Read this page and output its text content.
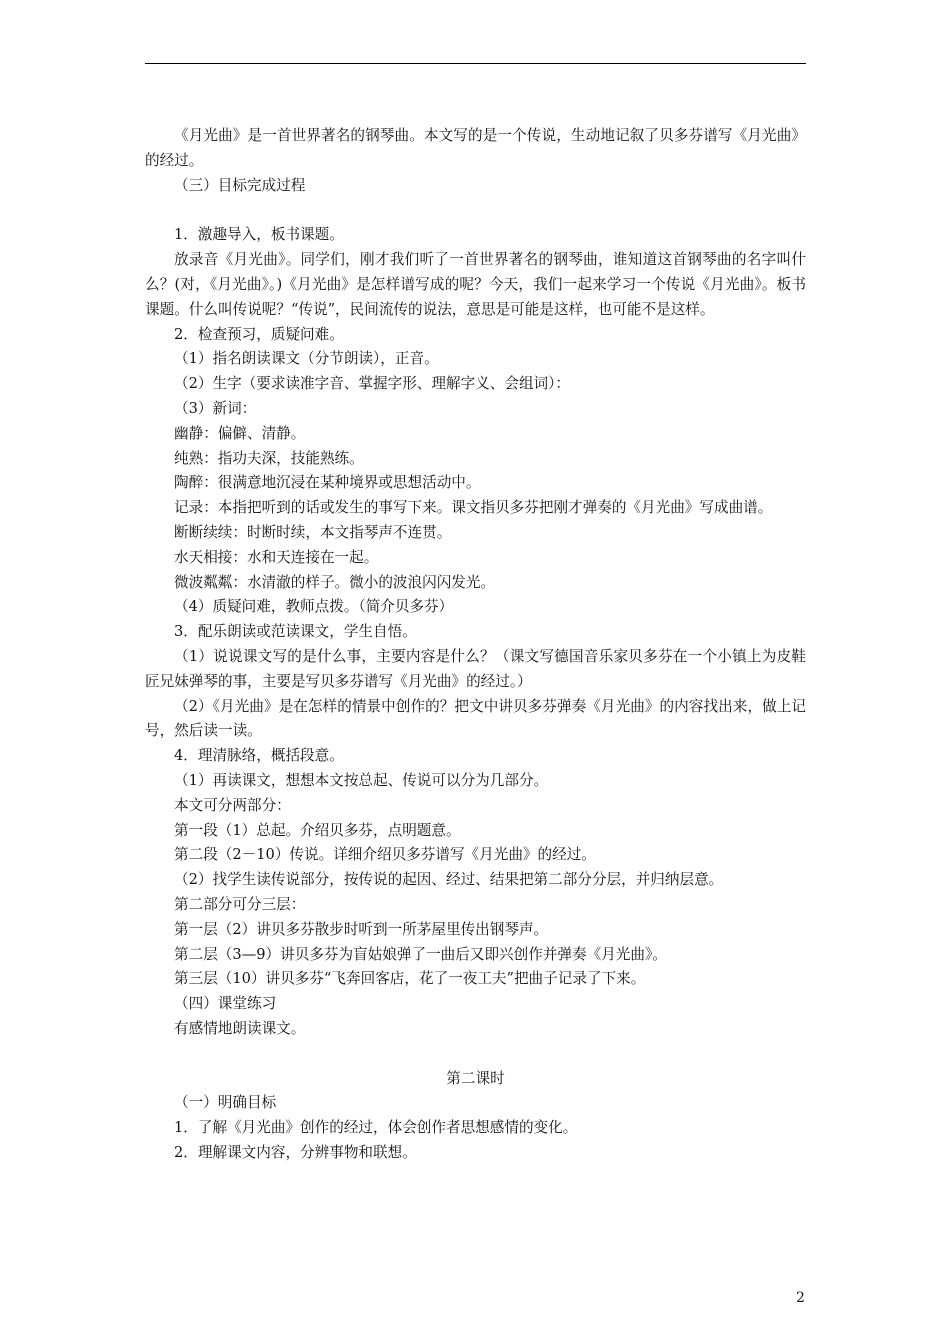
《月光曲》是一首世界著名的钢琴曲。本文写的是一个传说，生动地记叙了贝多芬谱写《月光曲》的经过。
（三）目标完成过程
1．激趣导入，板书课题。
放录音《月光曲》。同学们，刚才我们听了一首世界著名的钢琴曲，谁知道这首钢琴曲的名字叫什么？(对，《月光曲》。)《月光曲》是怎样谱写成的呢？今天，我们一起来学习一个传说《月光曲》。板书课题。什么叫传说呢？“传说”，民间流传的说法，意思是可能是这样，也可能不是这样。
2．检查预习，质疑问难。
（1）指名朗读课文（分节朗读），正音。
（2）生字（要求读准字音、掌握字形、理解字义、会组词）：
（3）新词：
幽静：偏僻、清静。
纯熟：指功夫深，技能熟练。
陶醉：很满意地沉浸在某种境界或思想活动中。
记录：本指把听到的话或发生的事写下来。课文指贝多芬把刚才弹奏的《月光曲》写成曲谱。
断断续续：时断时续，本文指琴声不连贯。
水天相接：水和天连接在一起。
微波粼粼：水清澈的样子。微小的波浪闪闪发光。
（4）质疑问难，教师点拨。（简介贝多芬）
3．配乐朗读或范读课文，学生自悟。
（1）说说课文写的是什么事，主要内容是什么？（课文写德国音乐家贝多芬在一个小镇上为皮鞋匠兄妹弹琴的事，主要是写贝多芬谱写《月光曲》的经过。）
（2）《月光曲》是在怎样的情景中创作的？把文中讲贝多芬弹奏《月光曲》的内容找出来，做上记号，然后读一读。
4．理清脉络，概括段意。
（1）再读课文，想想本文按总起、传说可以分为几部分。
本文可分两部分：
第一段（1）总起。介绍贝多芬，点明题意。
第二段（2－10）传说。详细介绍贝多芬谱写《月光曲》的经过。
（2）找学生读传说部分，按传说的起因、经过、结果把第二部分分层，并归纳层意。
第二部分可分三层：
第一层（2）讲贝多芬散步时听到一所茅屋里传出钢琴声。
第二层（3—9）讲贝多芬为盲姑娘弹了一曲后又即兴创作并弹奏《月光曲》。
第三层（10）讲贝多芬“飞奔回客店，花了一夜工夫”把曲子记录了下来。
（四）课堂练习
有感情地朗读课文。
第二课时
（一）明确目标
1．了解《月光曲》创作的经过，体会创作者思想感情的变化。
2．理解课文内容，分辨事物和联想。
2
